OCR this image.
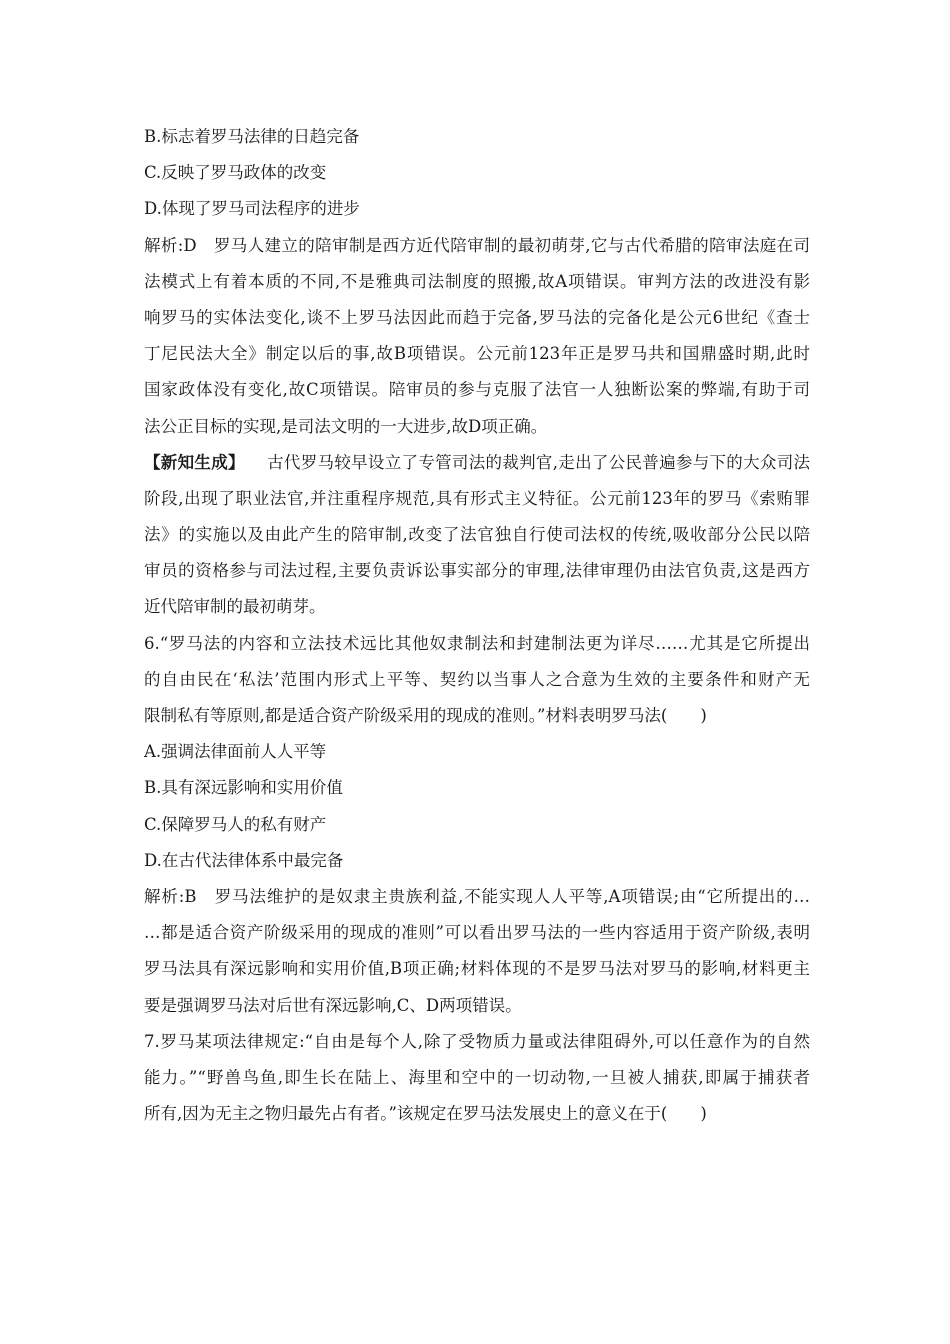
B.标志着罗马法律的日趋完备
C.反映了罗马政体的改变
D.体现了罗马司法程序的进步
解析:D　罗马人建立的陪审制是西方近代陪审制的最初萌芽,它与古代希腊的陪审法庭在司
法模式上有着本质的不同,不是雅典司法制度的照搬,故A项错误。审判方法的改进没有影
响罗马的实体法变化,谈不上罗马法因此而趋于完备,罗马法的完备化是公元6世纪《查士
丁尼民法大全》制定以后的事,故B项错误。公元前123年正是罗马共和国鼎盛时期,此时
国家政体没有变化,故C项错误。陪审员的参与克服了法官一人独断讼案的弊端,有助于司
法公正目标的实现,是司法文明的一大进步,故D项正确。
【新知生成】 古代罗马较早设立了专管司法的裁判官,走出了公民普遍参与下的大众司法
阶段,出现了职业法官,并注重程序规范,具有形式主义特征。公元前123年的罗马《索贿罪
法》的实施以及由此产生的陪审制,改变了法官独自行使司法权的传统,吸收部分公民以陪
审员的资格参与司法过程,主要负责诉讼事实部分的审理,法律审理仍由法官负责,这是西方
近代陪审制的最初萌芽。
6.“罗马法的内容和立法技术远比其他奴隶制法和封建制法更为详尽……尤其是它所提出
的自由民在‘私法’范围内形式上平等、契约以当事人之合意为生效的主要条件和财产无
限制私有等原则,都是适合资产阶级采用的现成的准则。”材料表明罗马法(　　)
A.强调法律面前人人平等
B.具有深远影响和实用价值
C.保障罗马人的私有财产
D.在古代法律体系中最完备
解析:B　罗马法维护的是奴隶主贵族利益,不能实现人人平等,A项错误;由“它所提出的…
…都是适合资产阶级采用的现成的准则”可以看出罗马法的一些内容适用于资产阶级,表明
罗马法具有深远影响和实用价值,B项正确;材料体现的不是罗马法对罗马的影响,材料更主
要是强调罗马法对后世有深远影响,C、D两项错误。
7.罗马某项法律规定:“自由是每个人,除了受物质力量或法律阻碍外,可以任意作为的自然
能力。”“野兽鸟鱼,即生长在陆上、海里和空中的一切动物,一旦被人捕获,即属于捕获者
所有,因为无主之物归最先占有者。”该规定在罗马法发展史上的意义在于(　　)
